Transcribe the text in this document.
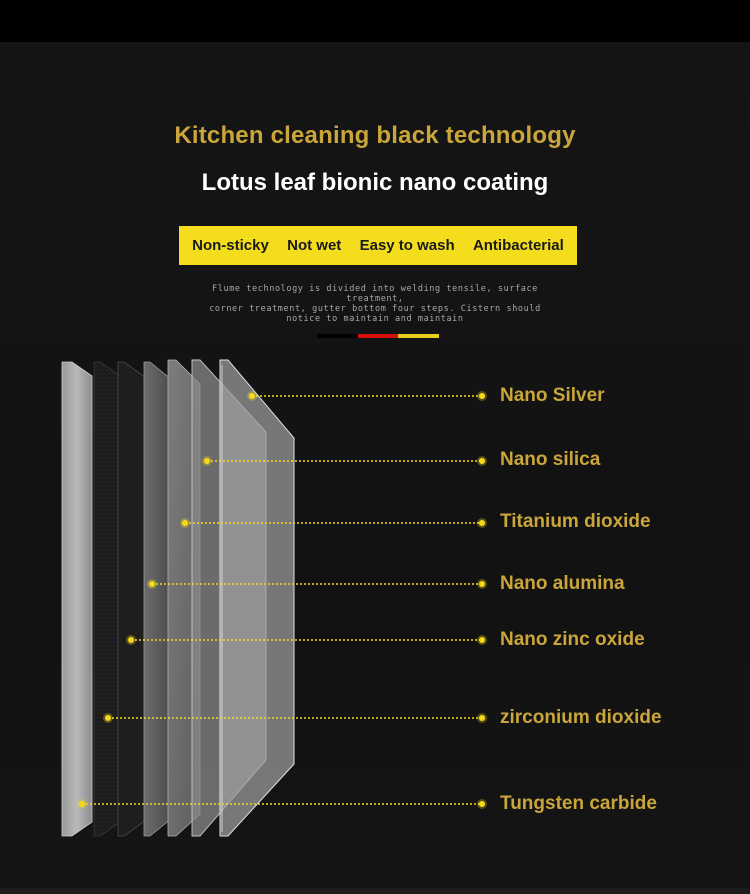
Kitchen cleaning black technology
Lotus leaf bionic nano coating
Non-sticky Not wet Easy to wash Antibacterial
Flume technology is divided into welding tensile, surface treatment,
corner treatment, gutter bottom four steps. Cistern should
notice to maintain and maintain
Nano Silver
Nano silica
Titanium dioxide
Nano alumina
Nano zinc oxide
zirconium dioxide
Tungsten carbide
